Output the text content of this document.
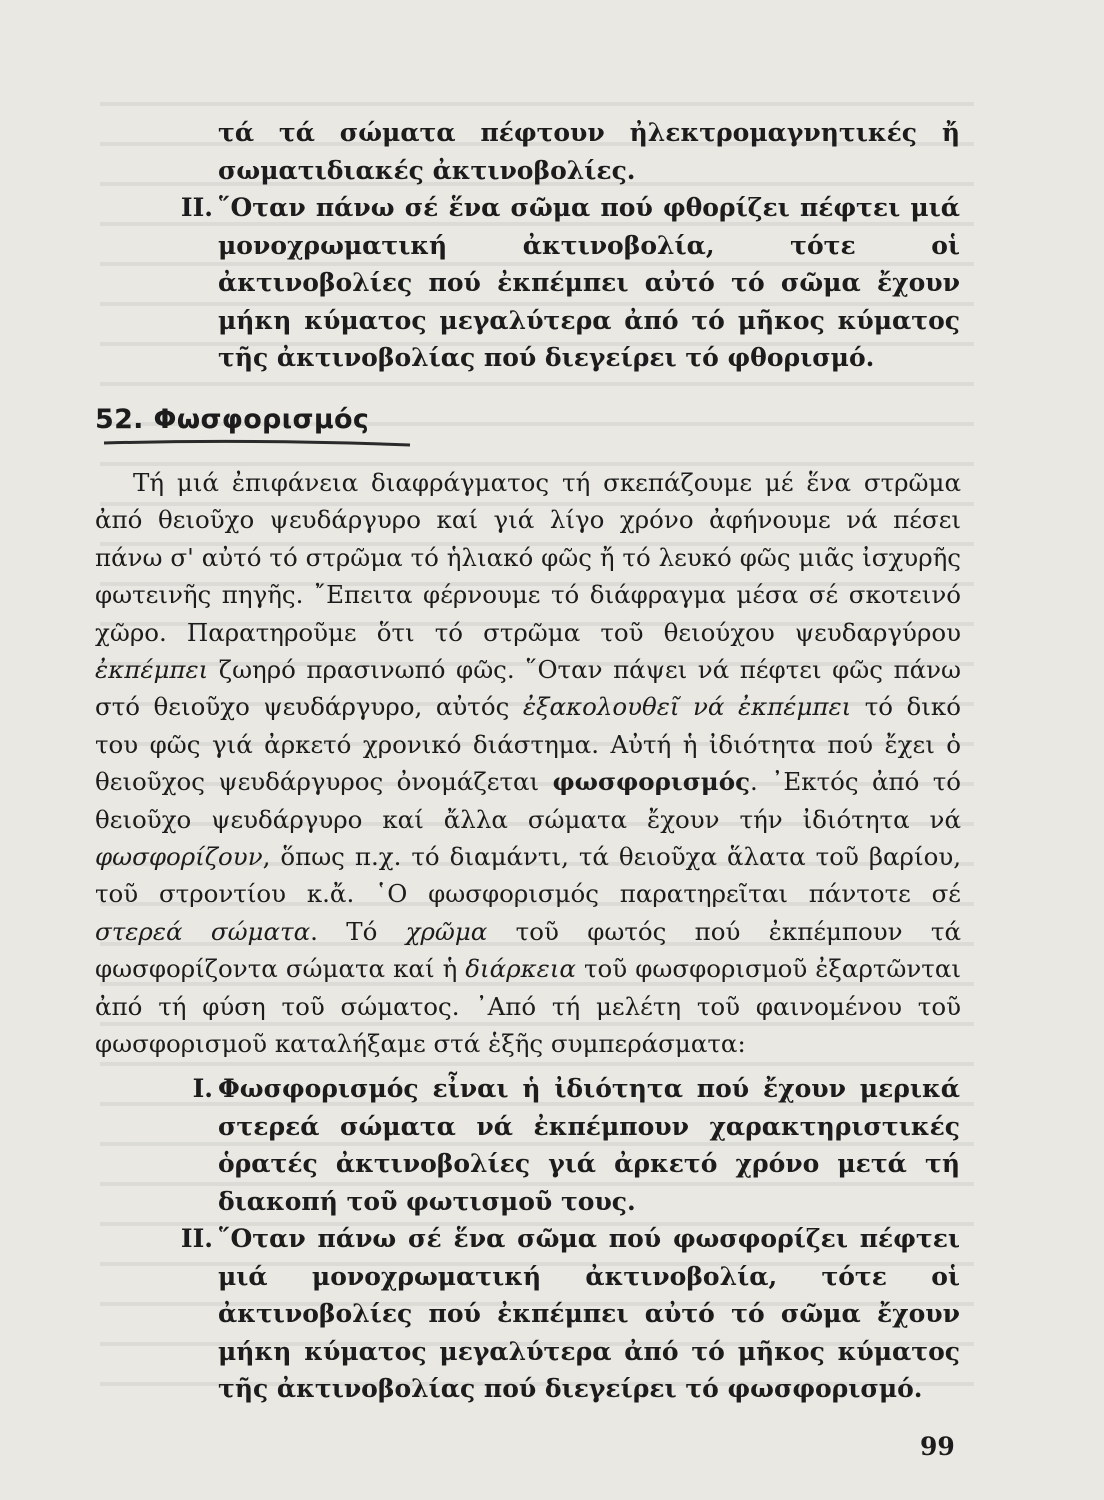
τά τά σώματα πέφτουν ἠλεκτρομαγνητικές ἤ σωματιδιακές ἀκτινοβολίες.
ΙΙ. ῞Οταν πάνω σέ ἕνα σῶμα πού φθορίζει πέφτει μιά μονοχρωματική ἀκτινοβολία, τότε οἱ ἀκτινοβολίες πού ἐκπέμπει αὐτό τό σῶμα ἔχουν μήκη κύματος μεγαλύτερα ἀπό τό μῆκος κύματος τῆς ἀκτινοβολίας πού διεγείρει τό φθορισμό.
52. Φωσφορισμός
Τή μιά ἐπιφάνεια διαφράγματος τή σκεπάζουμε μέ ἕνα στρῶμα ἀπό θειοῦχο ψευδάργυρο καί γιά λίγο χρόνο ἀφήνουμε νά πέσει πάνω σ' αὐτό τό στρῶμα τό ἡλιακό φῶς ἤ τό λευκό φῶς μιᾶς ἰσχυρῆς φωτεινῆς πηγῆς. ῎Επειτα φέρνουμε τό διάφραγμα μέσα σέ σκοτεινό χῶρο. Παρατηροῦμε ὅτι τό στρῶμα τοῦ θειούχου ψευδαργύρου ἐκπέμπει ζωηρό πρασινωπό φῶς. ῞Οταν πάψει νά πέφτει φῶς πάνω στό θειοῦχο ψευδάργυρο, αὐτός ἐξακολουθεῖ νά ἐκπέμπει τό δικό του φῶς γιά ἀρκετό χρονικό διάστημα. Αὐτή ἡ ἰδιότητα πού ἔχει ὁ θειοῦχος ψευδάργυρος ὀνομάζεται φωσφορισμός. ᾿Εκτός ἀπό τό θειοῦχο ψευδάργυρο καί ἄλλα σώματα ἔχουν τήν ἰδιότητα νά φωσφορίζουν, ὅπως π.χ. τό διαμάντι, τά θειοῦχα ἅλατα τοῦ βαρίου, τοῦ στροντίου κ.ἄ. ῾Ο φωσφορισμός παρατηρεῖται πάντοτε σέ στερεά σώματα. Τό χρῶμα τοῦ φωτός πού ἐκπέμπουν τά φωσφορίζοντα σώματα καί ἡ διάρκεια τοῦ φωσφορισμοῦ ἐξαρτῶνται ἀπό τή φύση τοῦ σώματος. ᾿Από τή μελέτη τοῦ φαινομένου τοῦ φωσφορισμοῦ καταλήξαμε στά ἑξῆς συμπεράσματα:
Ι. Φωσφορισμός εἶναι ἡ ἰδιότητα πού ἔχουν μερικά στερεά σώματα νά ἐκπέμπουν χαρακτηριστικές ὁρατές ἀκτινοβολίες γιά ἀρκετό χρόνο μετά τή διακοπή τοῦ φωτισμοῦ τους.
ΙΙ. ῞Οταν πάνω σέ ἕνα σῶμα πού φωσφορίζει πέφτει μιά μονοχρωματική ἀκτινοβολία, τότε οἱ ἀκτινοβολίες πού ἐκπέμπει αὐτό τό σῶμα ἔχουν μήκη κύματος μεγαλύτερα ἀπό τό μῆκος κύματος τῆς ἀκτινοβολίας πού διεγείρει τό φωσφορισμό.
99
